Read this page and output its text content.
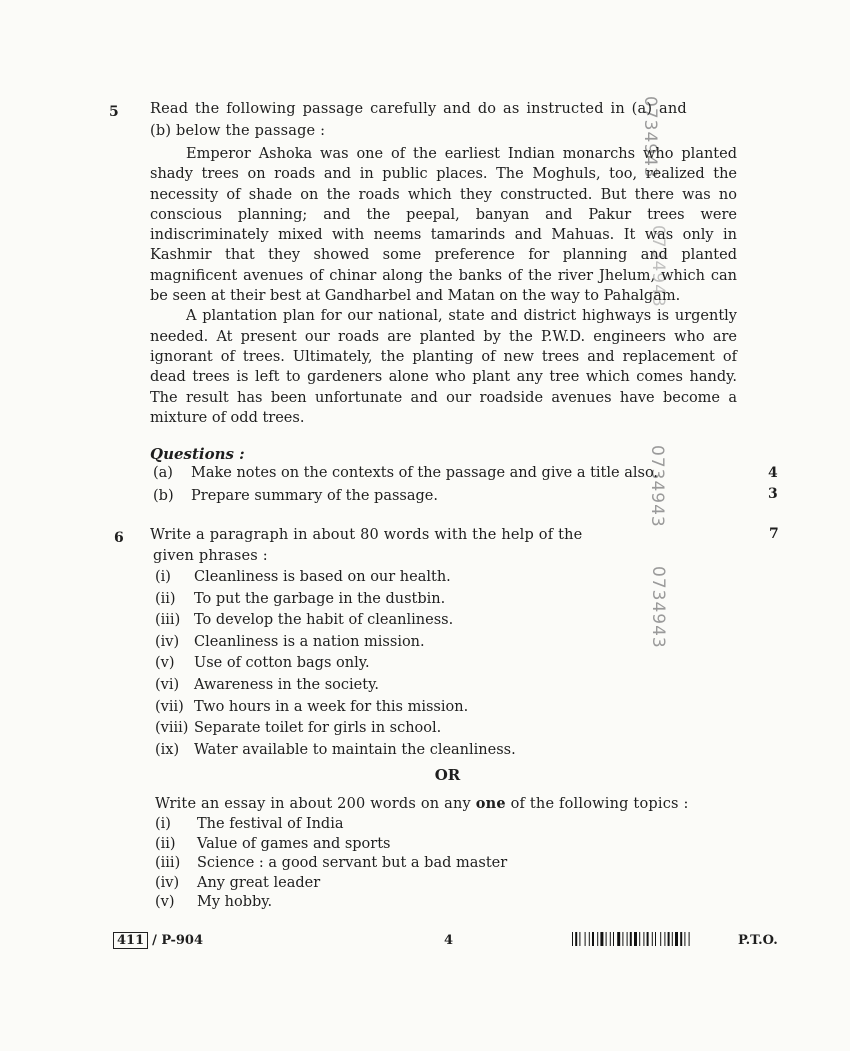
0734943
0734943
0734943
0734943
5 Read the following passage carefully and do as instructed in (a) and
(b) below the passage :

Emperor Ashoka was one of the earliest Indian monarchs who planted shady trees on roads and in public places. The Moghuls, too, realized the necessity of shade on the roads which they constructed. But there was no conscious planning; and the peepal, banyan and Pakur trees were indiscriminately mixed with neems tamarinds and Mahuas. It was only in Kashmir that they showed some preference for planning and planted magnificent avenues of chinar along the banks of the river Jhelum, which can be seen at their best at Gandharbel and Matan on the way to Pahalgam.

A plantation plan for our national, state and district highways is urgently needed. At present our roads are planted by the P.W.D. engineers who are ignorant of trees. Ultimately, the planting of new trees and replacement of dead trees is left to gardeners alone who plant any tree which comes handy. The result has been unfortunate and our roadside avenues have become a mixture of odd trees.

Questions :
(a) Make notes on the contexts of the passage and give a title also.	4
(b) Prepare summary of the passage.	3
6	7
Write a paragraph in about 80 words with the help of the
given phrases :
(i) Cleanliness is based on our health.
(ii) To put the garbage in the dustbin.
(iii) To develop the habit of cleanliness.
(iv) Cleanliness is a nation mission.
(v) Use of cotton bags only.
(vi) Awareness in the society.
(vii) Two hours in a week for this mission.
(viii) Separate toilet for girls in school.
(ix) Water available to maintain the cleanliness.
OR
Write an essay in about 200 words on any one of the following topics :
(i) The festival of India
(ii) Value of games and sports
(iii) Science : a good servant but a bad master
(iv) Any great leader
(v) My hobby.
411 / P-904	4	P.T.O.
